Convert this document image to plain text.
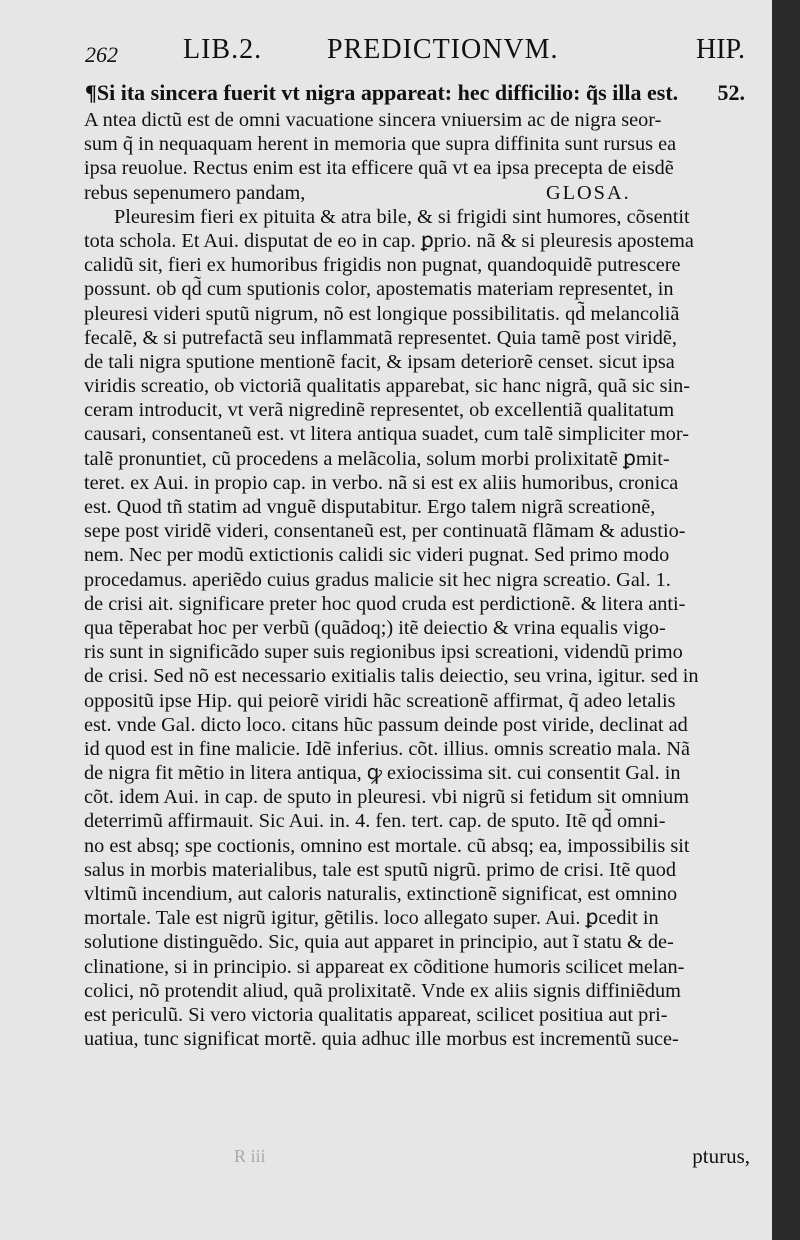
262 LIB.2. PREDICTIONVM.	HIP.
¶Si ita sincera fuerit vt nigra appareat: hec difficilio: q̃s illa est. 52.
A ntea dictũ est de omni vacuatione sincera vniuersim ac de nigra seor-
sum q̃ in nequaquam herent in memoria que supra diffinita sunt rursus ea
ipsa reuolue. Rectus enim est ita efficere quã vt ea ipsa precepta de eisdẽ
rebus sepenumero pandam,	GLOSA.
Pleuresim fieri ex pituita & atra bile, & si frigidi sint humores, cõsentit
tota schola. Et Aui. disputat de eo in cap. ꝑprio. nã & si pleuresis apostema
calidũ sit, fieri ex humoribus frigidis non pugnat, quandoquidẽ putrescere
possunt. ob qd̃ cum sputionis color, apostematis materiam representet, in
pleuresi videri sputũ nigrum, nõ est longique possibilitatis. qd̃ melancoliã
fecalẽ, & si putrefactã seu inflammatã representet. Quia tamẽ post viridẽ,
de tali nigra sputione mentionẽ facit, & ipsam deteriorẽ censet. sicut ipsa
viridis screatio, ob victoriã qualitatis apparebat, sic hanc nigrã, quã sic sin-
ceram introducit, vt verã nigredinẽ representet, ob excellentiã qualitatum
causari, consentaneũ est. vt litera antiqua suadet, cum talẽ simpliciter mor-
talẽ pronuntiet, cũ procedens a melãcolia, solum morbi prolixitatẽ ꝑmit-
teret. ex Aui. in propio cap. in verbo. nã si est ex aliis humoribus, cronica
est. Quod tñ statim ad vnguẽ disputabitur. Ergo talem nigrã screationẽ,
sepe post viridẽ videri, consentaneũ est, per continuatã flãmam & adustio-
nem. Nec per modũ extictionis calidi sic videri pugnat. Sed primo modo
procedamus. aperiẽdo cuius gradus malicie sit hec nigra screatio. Gal. 1.
de crisi ait. significare preter hoc quod cruda est perdictionẽ. & litera anti-
qua tẽperabat hoc per verbũ (quãdoq;) itẽ deiectio & vrina equalis vigo-
ris sunt in significãdo super suis regionibus ipsi screationi, videndũ primo
de crisi. Sed nõ est necessario exitialis talis deiectio, seu vrina, igitur. sed in
oppositũ ipse Hip. qui peiorẽ viridi hãc screationẽ affirmat, q̃ adeo letalis
est. vnde Gal. dicto loco. citans hũc passum deinde post viride, declinat ad
id quod est in fine malicie. Idẽ inferius. cõt. illius. omnis screatio mala. Nã
de nigra fit mẽtio in litera antiqua, ꝙ exiocissima sit. cui consentit Gal. in
cõt. idem Aui. in cap. de sputo in pleuresi. vbi nigrũ si fetidum sit omnium
deterrimũ affirmauit. Sic Aui. in. 4. fen. tert. cap. de sputo. Itẽ qd̃ omni-
no est absq; spe coctionis, omnino est mortale. cũ absq; ea, impossibilis sit
salus in morbis materialibus, tale est sputũ nigrũ. primo de crisi. Itẽ quod
vltimũ incendium, aut caloris naturalis, extinctionẽ significat, est omnino
mortale. Tale est nigrũ igitur, gẽtilis. loco allegato super. Aui. ꝑcedit in
solutione distinguẽdo. Sic, quia aut apparet in principio, aut ĩ statu & de-
clinatione, si in principio. si appareat ex cõditione humoris scilicet melan-
colici, nõ protendit aliud, quã prolixitatẽ. Vnde ex aliis signis diffiniẽdum
est periculũ. Si vero victoria qualitatis appareat, scilicet positiua aut pri-
uatiua, tunc significat mortẽ. quia adhuc ille morbus est incrementũ suce-
R iii	pturus,
